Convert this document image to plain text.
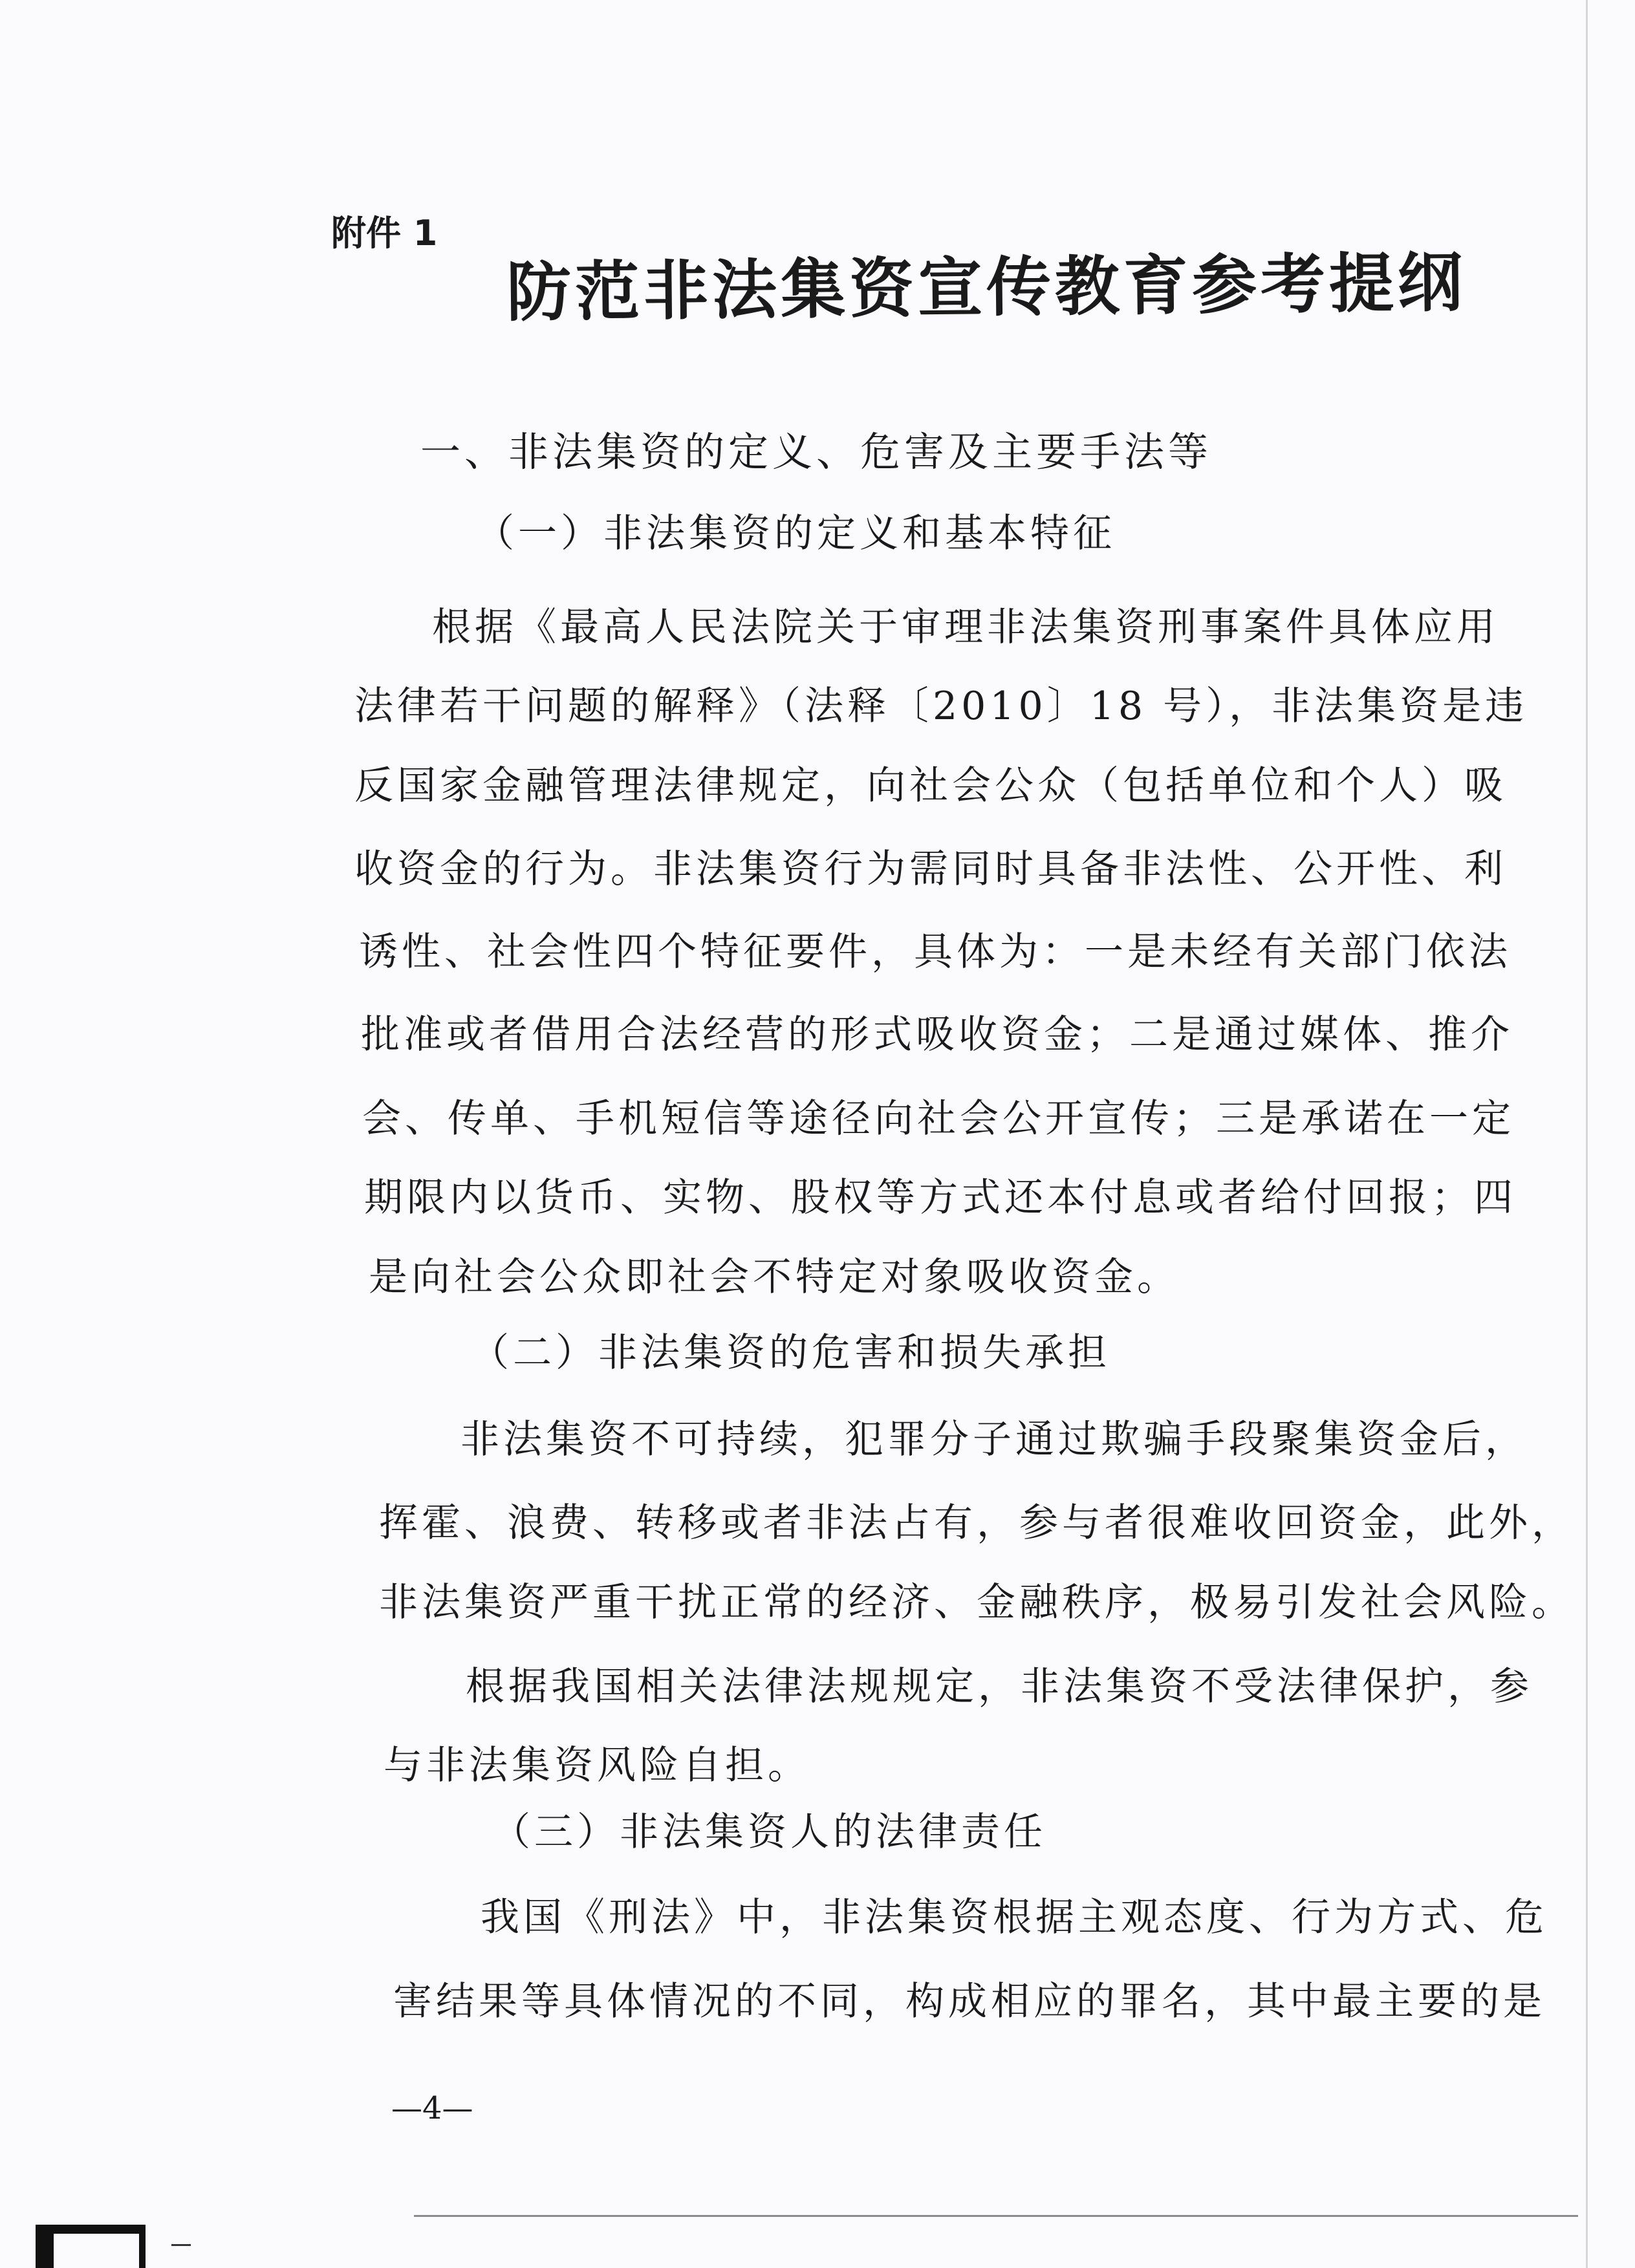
附件 1
防范非法集资宣传教育参考提纲
一、非法集资的定义、危害及主要手法等
（一）非法集资的定义和基本特征
根据《最高人民法院关于审理非法集资刑事案件具体应用
法律若干问题的解释》（法释〔2010〕18 号），非法集资是违
反国家金融管理法律规定，向社会公众（包括单位和个人）吸
收资金的行为。非法集资行为需同时具备非法性、公开性、利
诱性、社会性四个特征要件，具体为：一是未经有关部门依法
批准或者借用合法经营的形式吸收资金；二是通过媒体、推介
会、传单、手机短信等途径向社会公开宣传；三是承诺在一定
期限内以货币、实物、股权等方式还本付息或者给付回报；四
是向社会公众即社会不特定对象吸收资金。
（二）非法集资的危害和损失承担
非法集资不可持续，犯罪分子通过欺骗手段聚集资金后，
挥霍、浪费、转移或者非法占有，参与者很难收回资金，此外，
非法集资严重干扰正常的经济、金融秩序，极易引发社会风险。
根据我国相关法律法规规定，非法集资不受法律保护，参
与非法集资风险自担。
（三）非法集资人的法律责任
我国《刑法》中，非法集资根据主观态度、行为方式、危
害结果等具体情况的不同，构成相应的罪名，其中最主要的是
—4—
